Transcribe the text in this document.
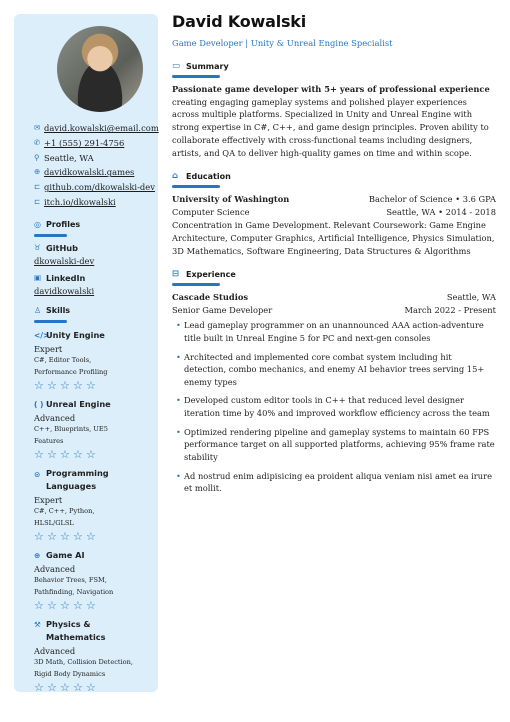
✉ david.kowalski@email.com
✆ +1 (555) 291-4756
⚲ Seattle, WA
⊕ davidkowalski.games
⊏ github.com/dkowalski-dev
⊏ itch.io/dkowalski
◎ Profiles
♉ GitHub
dkowalski-dev
▣ LinkedIn
davidkowalski
♙ Skills
</>
Unity Engine
Expert
C#, Editor Tools, Performance Profiling
☆ ☆ ☆ ☆ ☆
( ) Unreal Engine
Advanced
C++, Blueprints, UE5 Features
☆ ☆ ☆ ☆ ☆
⊙ Programming Languages
Expert
C#, C++, Python, HLSL/GLSL
☆ ☆ ☆ ☆ ☆
⊕ Game AI
Advanced
Behavior Trees, FSM, Pathfinding, Navigation
☆ ☆ ☆ ☆ ☆
⚒ Physics & Mathematics
Advanced
3D Math, Collision Detection, Rigid Body Dynamics
☆ ☆ ☆ ☆ ☆
David Kowalski
Game Developer | Unity & Unreal Engine Specialist
▭ Summary

Passionate game developer with 5+ years of professional experience creating engaging gameplay systems and polished player experiences across multiple platforms. Specialized in Unity and Unreal Engine with strong expertise in C#, C++, and game design principles. Proven ability to collaborate effectively with cross-functional teams including designers, artists, and QA to deliver high-quality games on time and within scope.

⌂ Education
University of Washington	Bachelor of Science • 3.6 GPA
Computer Science	Seattle, WA • 2014 - 2018

Concentration in Game Development. Relevant Coursework: Game Engine Architecture, Computer Graphics, Artificial Intelligence, Physics Simulation, 3D Mathematics, Software Engineering, Data Structures & Algorithms

⊟ Experience
Cascade Studios	Seattle, WA
Senior Game Developer	March 2022 - Present
• Lead gameplay programmer on an unannounced AAA action-adventure title built in Unreal Engine 5 for PC and next-gen consoles
• Architected and implemented core combat system including hit detection, combo mechanics, and enemy AI behavior trees serving 15+ enemy types
• Developed custom editor tools in C++ that reduced level designer iteration time by 40% and improved workflow efficiency across the team
• Optimized rendering pipeline and gameplay systems to maintain 60 FPS performance target on all supported platforms, achieving 95% frame rate stability
• Ad nostrud enim adipisicing ea proident aliqua veniam nisi amet ea irure et mollit.
